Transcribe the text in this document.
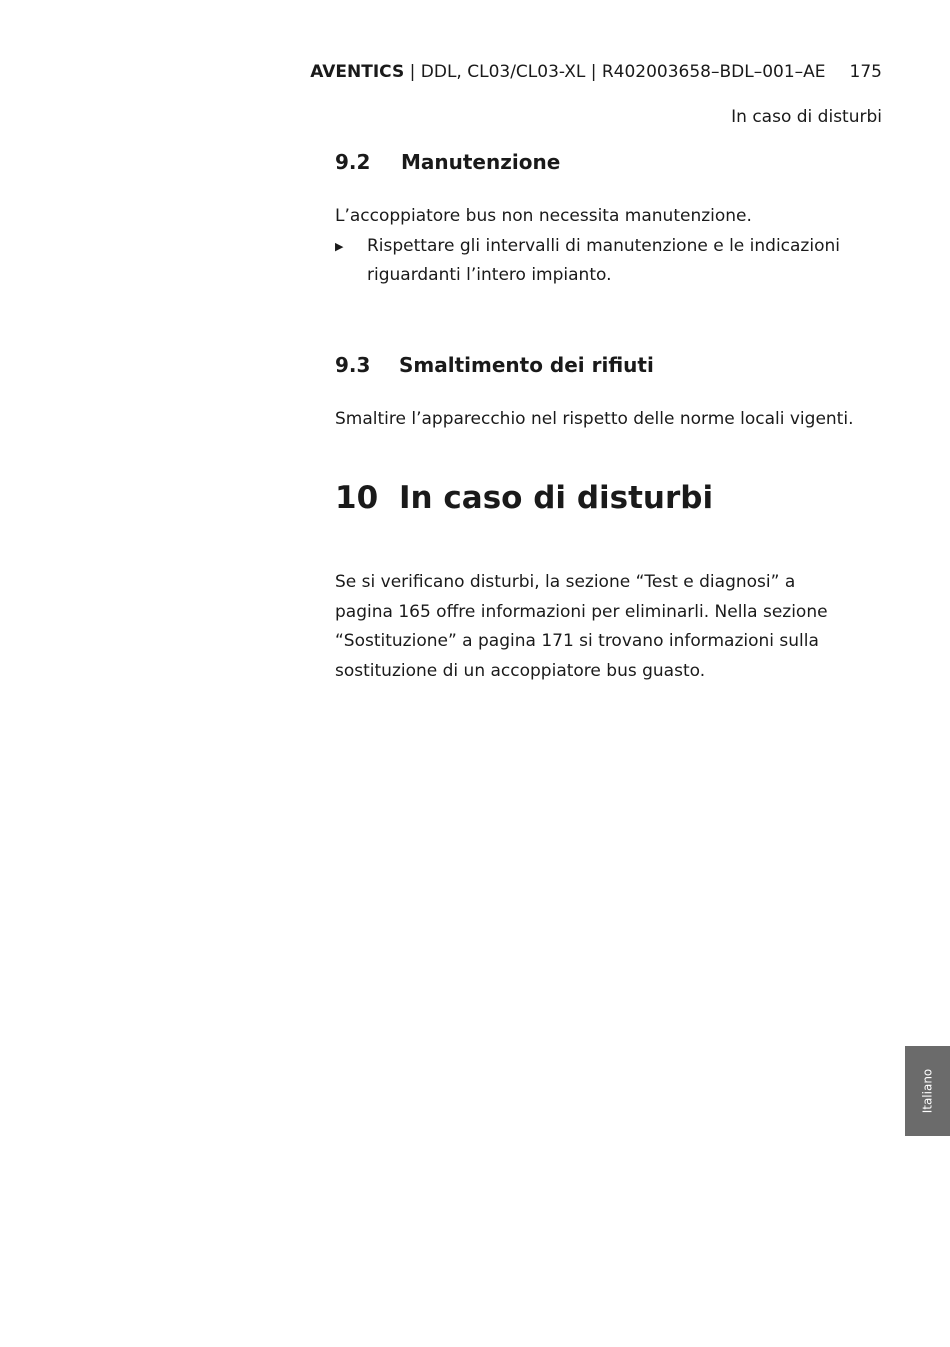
AVENTICS | DDL, CL03/CL03-XL | R402003658–BDL–001–AE 175
In caso di disturbi
9.2	Manutenzione

L’accoppiatore bus non necessita manutenzione.

▶	Rispettare gli intervalli di manutenzione e le indicazioni riguardanti l’intero impianto.
9.3	Smaltimento dei rifiuti

Smaltire l’apparecchio nel rispetto delle norme locali vigenti.

10 In caso di disturbi

Se si verificano disturbi, la sezione “Test e diagnosi” a pagina 165 offre informazioni per eliminarli. Nella sezione “Sostituzione” a pagina 171 si trovano informazioni sulla sostituzione di un accoppiatore bus guasto.

Italiano
